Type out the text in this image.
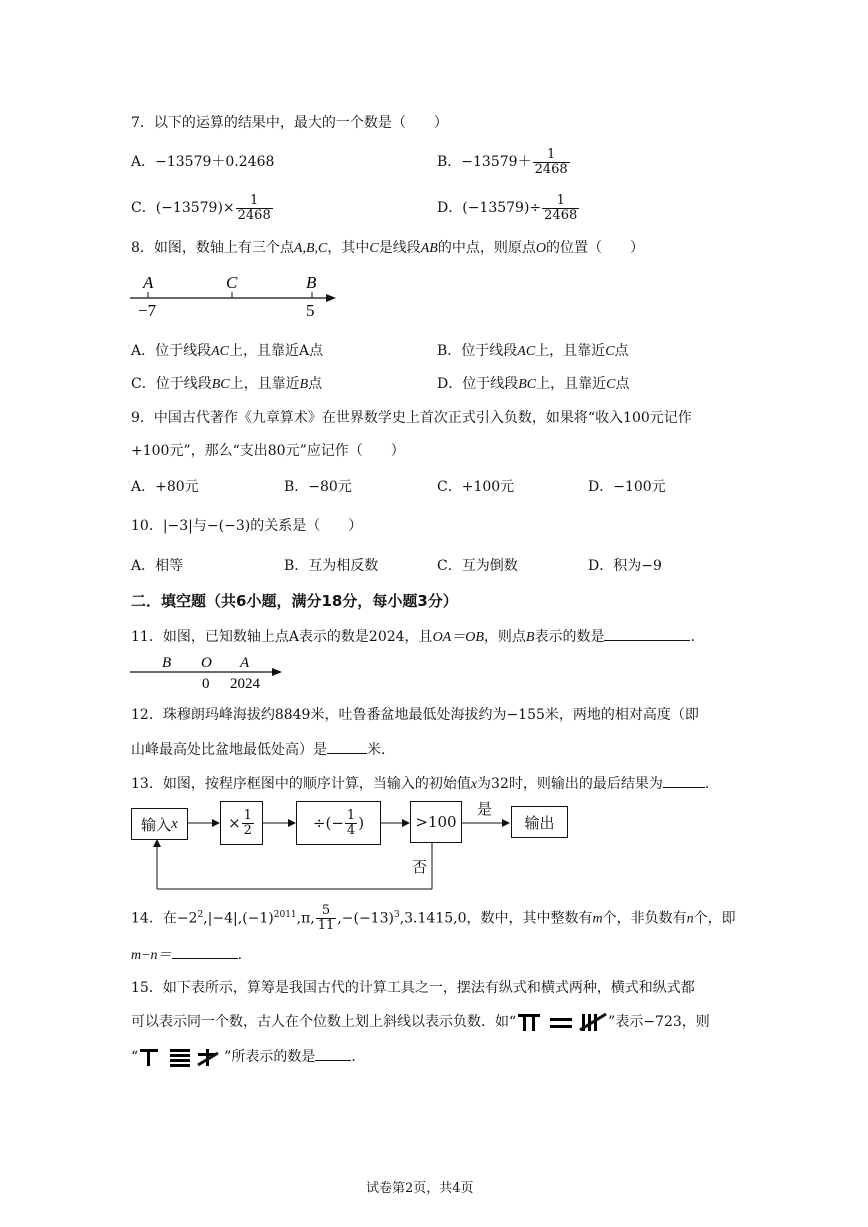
7．以下的运算的结果中，最大的一个数是（　　）
A．−13579＋0.2468	B．$-13579+ \frac{1}{2468}$
C．$(-13579)\times \frac{1}{2468}$	D．$(-13579)\div \frac{1}{2468}$
8．如图，数轴上有三个点A,B,C，其中C是线段AB的中点，则原点O的位置（　　）
A	C	B
−7	5
A．位于线段AC上，且靠近A点	B．位于线段AC上，且靠近C点
C．位于线段BC上，且靠近B点	D．位于线段BC上，且靠近C点
9．中国古代著作《九章算术》在世界数学史上首次正式引入负数，如果将“收入100元记作
+100元”，那么“支出80元”应记作（　　）
A．+80元	B．−80元	C．+100元	D．−100元
10．|−3|与−(−3)的关系是（　　）
A．相等	B．互为相反数	C．互为倒数	D．积为−9
二．填空题（共6小题，满分18分，每小题3分）
11．如图，已知数轴上点A表示的数是2024，且OA＝OB，则点B表示的数是	.
B O A
0 2024
12．珠穆朗玛峰海拔约8849米，吐鲁番盆地最低处海拔约为−155米，两地的相对高度（即
山峰最高处比盆地最低处高）是	米.
13．如图，按程序框图中的顺序计算，当输入的初始值x为32时，则输出的最后结果为	.
输入 x	× $\frac{1}{2}$	÷(− $\frac{1}{4}$ )	>100
是
输出
否
14．在$-2^2,|-4|,(-1)^{2011},\pi$, $\frac{5}{11} ,-(-13)^3,3.1415,0$，数中，其中整数有m个，非负数有n个，即
m−n＝	.
15．如下表所示，算筹是我国古代的计算工具之一，摆法有纵式和横式两种，横式和纵式都
可以表示同一个数，古人在个位数上划上斜线以表示负数．如“	”表示−723，则
“	”所表示的数是	.
试卷第2页，共4页
